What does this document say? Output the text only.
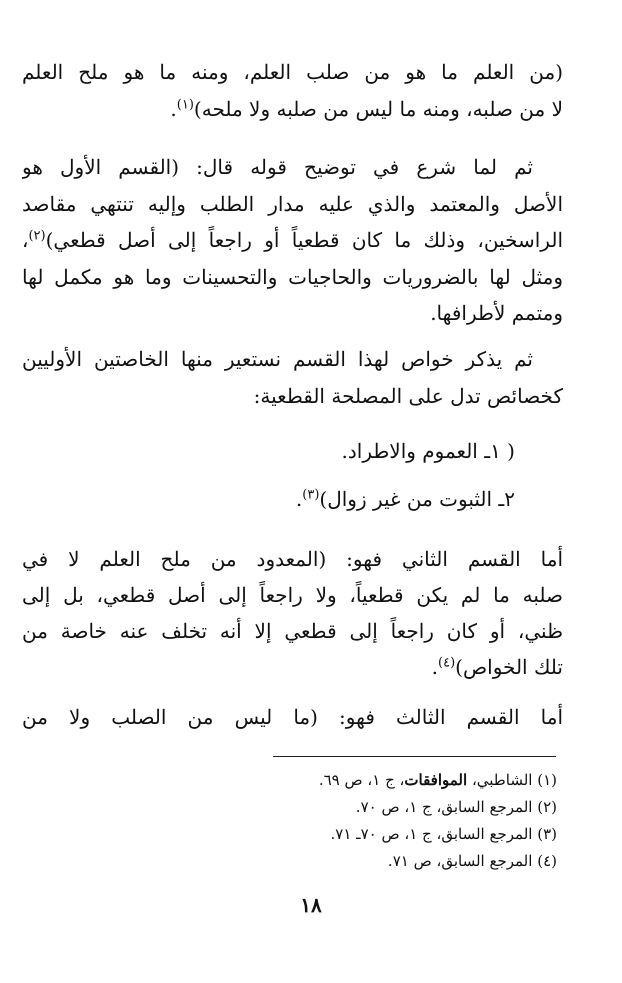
(من العلم ما هو من صلب العلم، ومنه ما هو ملح العلم
لا من صلبه، ومنه ما ليس من صلبه ولا ملحه)$^{(١)}$.
ثم لما شرع في توضيح قوله قال: (القسم الأول هو
الأصل والمعتمد والذي عليه مدار الطلب وإليه تنتهي مقاصد
الراسخين، وذلك ما كان قطعياً أو راجعاً إلى أصل قطعي)$^{(٢)}$،
ومثل لها بالضروريات والحاجيات والتحسينات وما هو مكمل لها
ومتمم لأطرافها.
ثم يذكر خواص لهذا القسم نستعير منها الخاصتين الأوليين
كخصائص تدل على المصلحة القطعية:
( ١ـ العموم والاطراد.
٢ـ الثبوت من غير زوال)$^{(٣)}$.
أما القسم الثاني فهو: (المعدود من ملح العلم لا في
صلبه ما لم يكن قطعياً، ولا راجعاً إلى أصل قطعي، بل إلى
ظني، أو كان راجعاً إلى قطعي إلا أنه تخلف عنه خاصة من
تلك الخواص)$^{(٤)}$.
أما القسم الثالث فهو: (ما ليس من الصلب ولا من
(١) الشاطبي، الموافقات، ج ١، ص ٦٩.
(٢) المرجع السابق، ج ١، ص ٧٠.
(٣) المرجع السابق، ج ١، ص ٧٠ـ ٧١.
(٤) المرجع السابق، ص ٧١.
١٨
